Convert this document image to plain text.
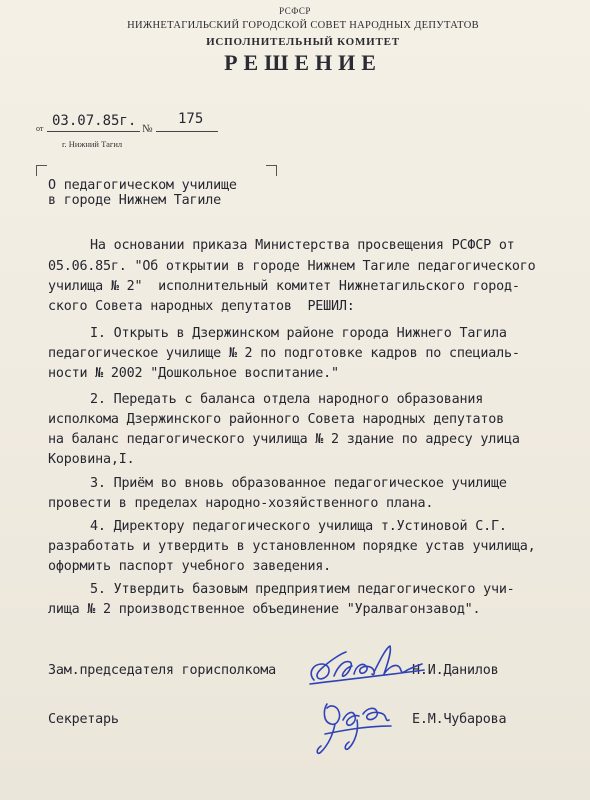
РСФСР
НИЖНЕТАГИЛЬСКИЙ ГОРОДСКОЙ СОВЕТ НАРОДНЫХ ДЕПУТАТОВ
ИСПОЛНИТЕЛЬНЫЙ КОМИТЕТ
РЕШЕНИЕ
от 03.07.85г. №
175
г. Нижний Тагил
О педагогическом училище
в городе Нижнем Тагиле
На основании приказа Министерства просвещения РСФСР от
05.06.85г. "Об открытии в городе Нижнем Тагиле педагогического
училища № 2"  исполнительный комитет Нижнетагильского город-
ского Совета народных депутатов  РЕШИЛ:
I. Открыть в Дзержинском районе города Нижнего Тагила
педагогическое училище № 2 по подготовке кадров по специаль-
ности № 2002 "Дошкольное воспитание."
2. Передать с баланса отдела народного образования
исполкома Дзержинского районного Совета народных депутатов
на баланс педагогического училища № 2 здание по адресу улица
Коровина,I.
3. Приём во вновь образованное педагогическое училище
провести в пределах народно-хозяйственного плана.
4. Директору педагогического училища т.Устиновой С.Г.
разработать и утвердить в установленном порядке устав училища,
оформить паспорт учебного заведения.
5. Утвердить базовым предприятием педагогического учи-
лища № 2 производственное объединение "Уралвагонзавод".
Зам.председателя горисполкома	Н.И.Данилов
Секретарь	Е.М.Чубарова
